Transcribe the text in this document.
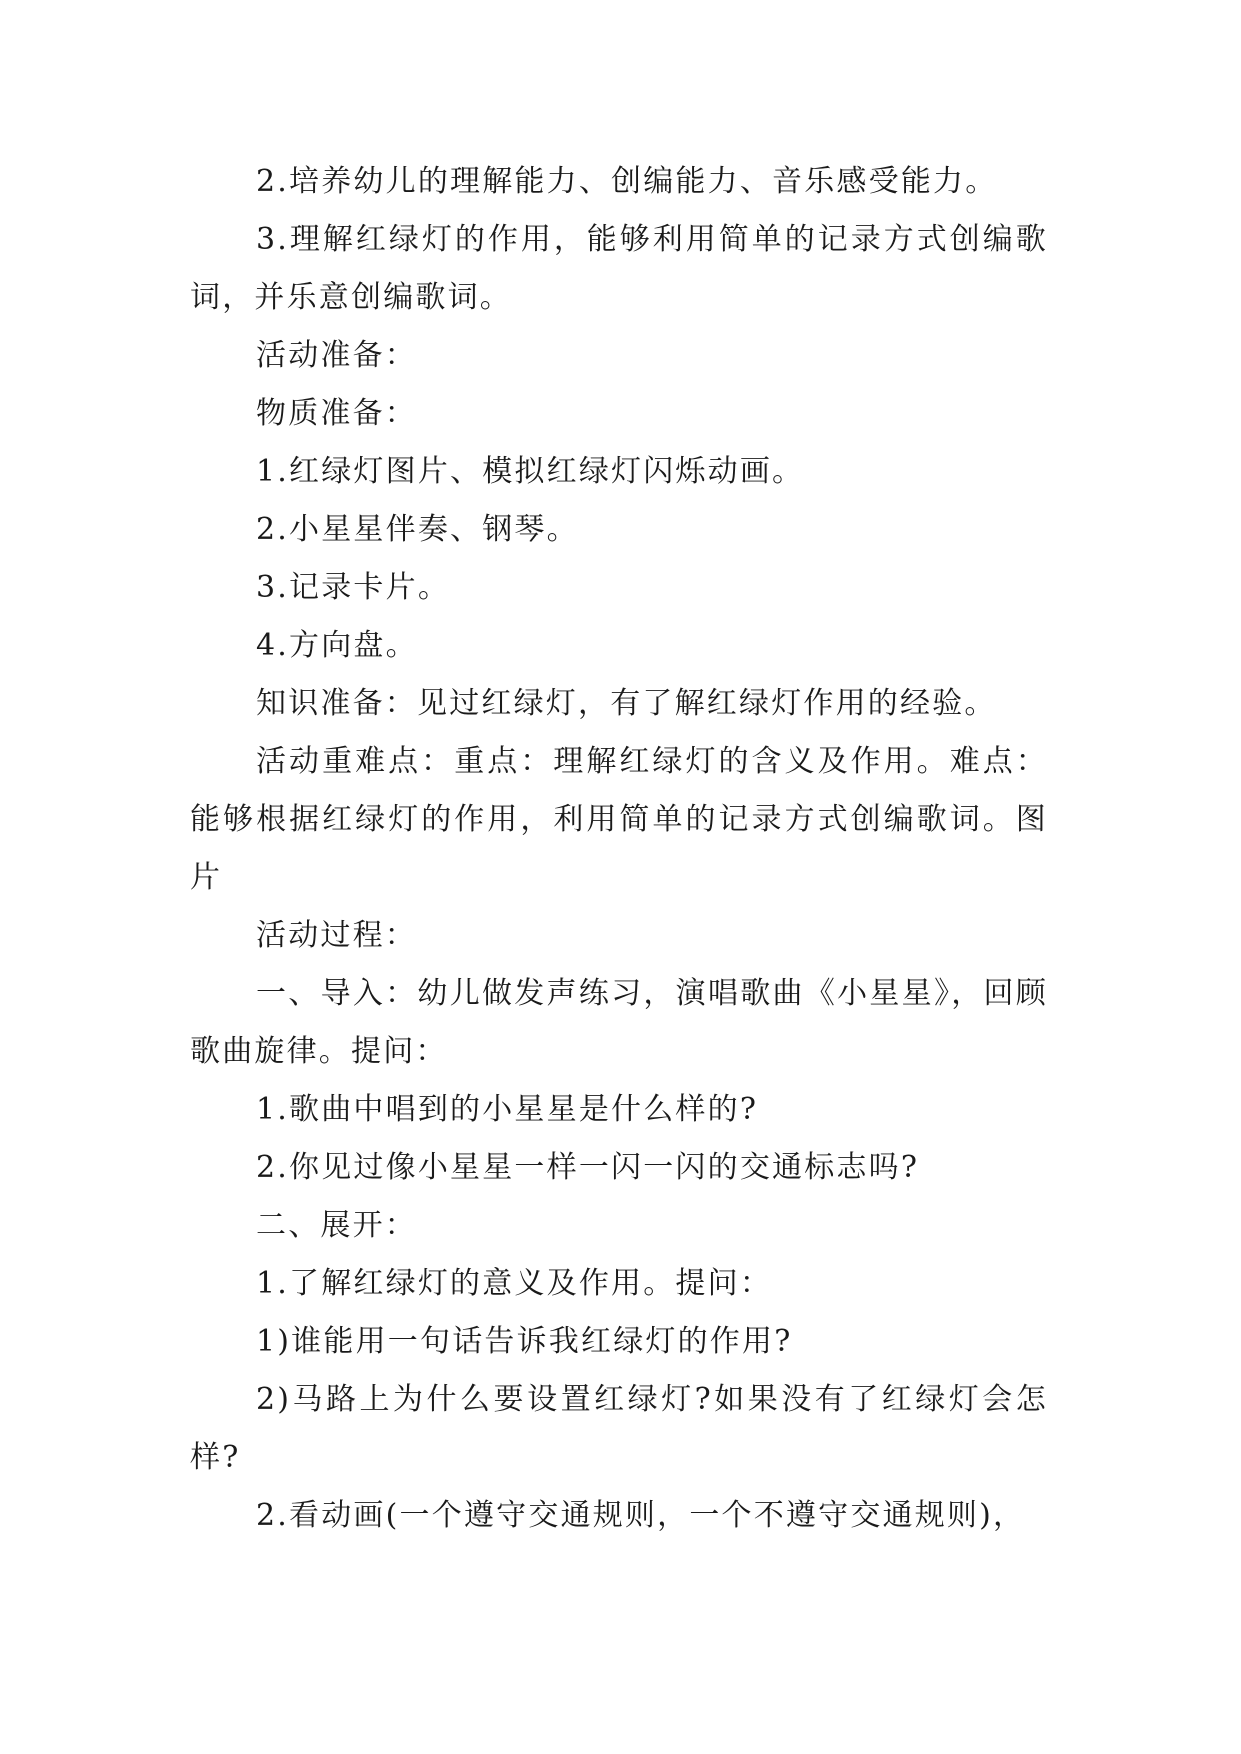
2.培养幼儿的理解能力、创编能力、音乐感受能力。

3.理解红绿灯的作用，能够利用简单的记录方式创编歌词，并乐意创编歌词。

活动准备：

物质准备：

1.红绿灯图片、模拟红绿灯闪烁动画。

2.小星星伴奏、钢琴。

3.记录卡片。

4.方向盘。

知识准备：见过红绿灯，有了解红绿灯作用的经验。

活动重难点：重点：理解红绿灯的含义及作用。难点：能够根据红绿灯的作用，利用简单的记录方式创编歌词。图片

活动过程：

一、导入：幼儿做发声练习，演唱歌曲《小星星》，回顾歌曲旋律。提问：

1.歌曲中唱到的小星星是什么样的?

2.你见过像小星星一样一闪一闪的交通标志吗?

二、展开：

1.了解红绿灯的意义及作用。提问：

1)谁能用一句话告诉我红绿灯的作用?

2)马路上为什么要设置红绿灯?如果没有了红绿灯会怎样?

2.看动画(一个遵守交通规则，一个不遵守交通规则)，
